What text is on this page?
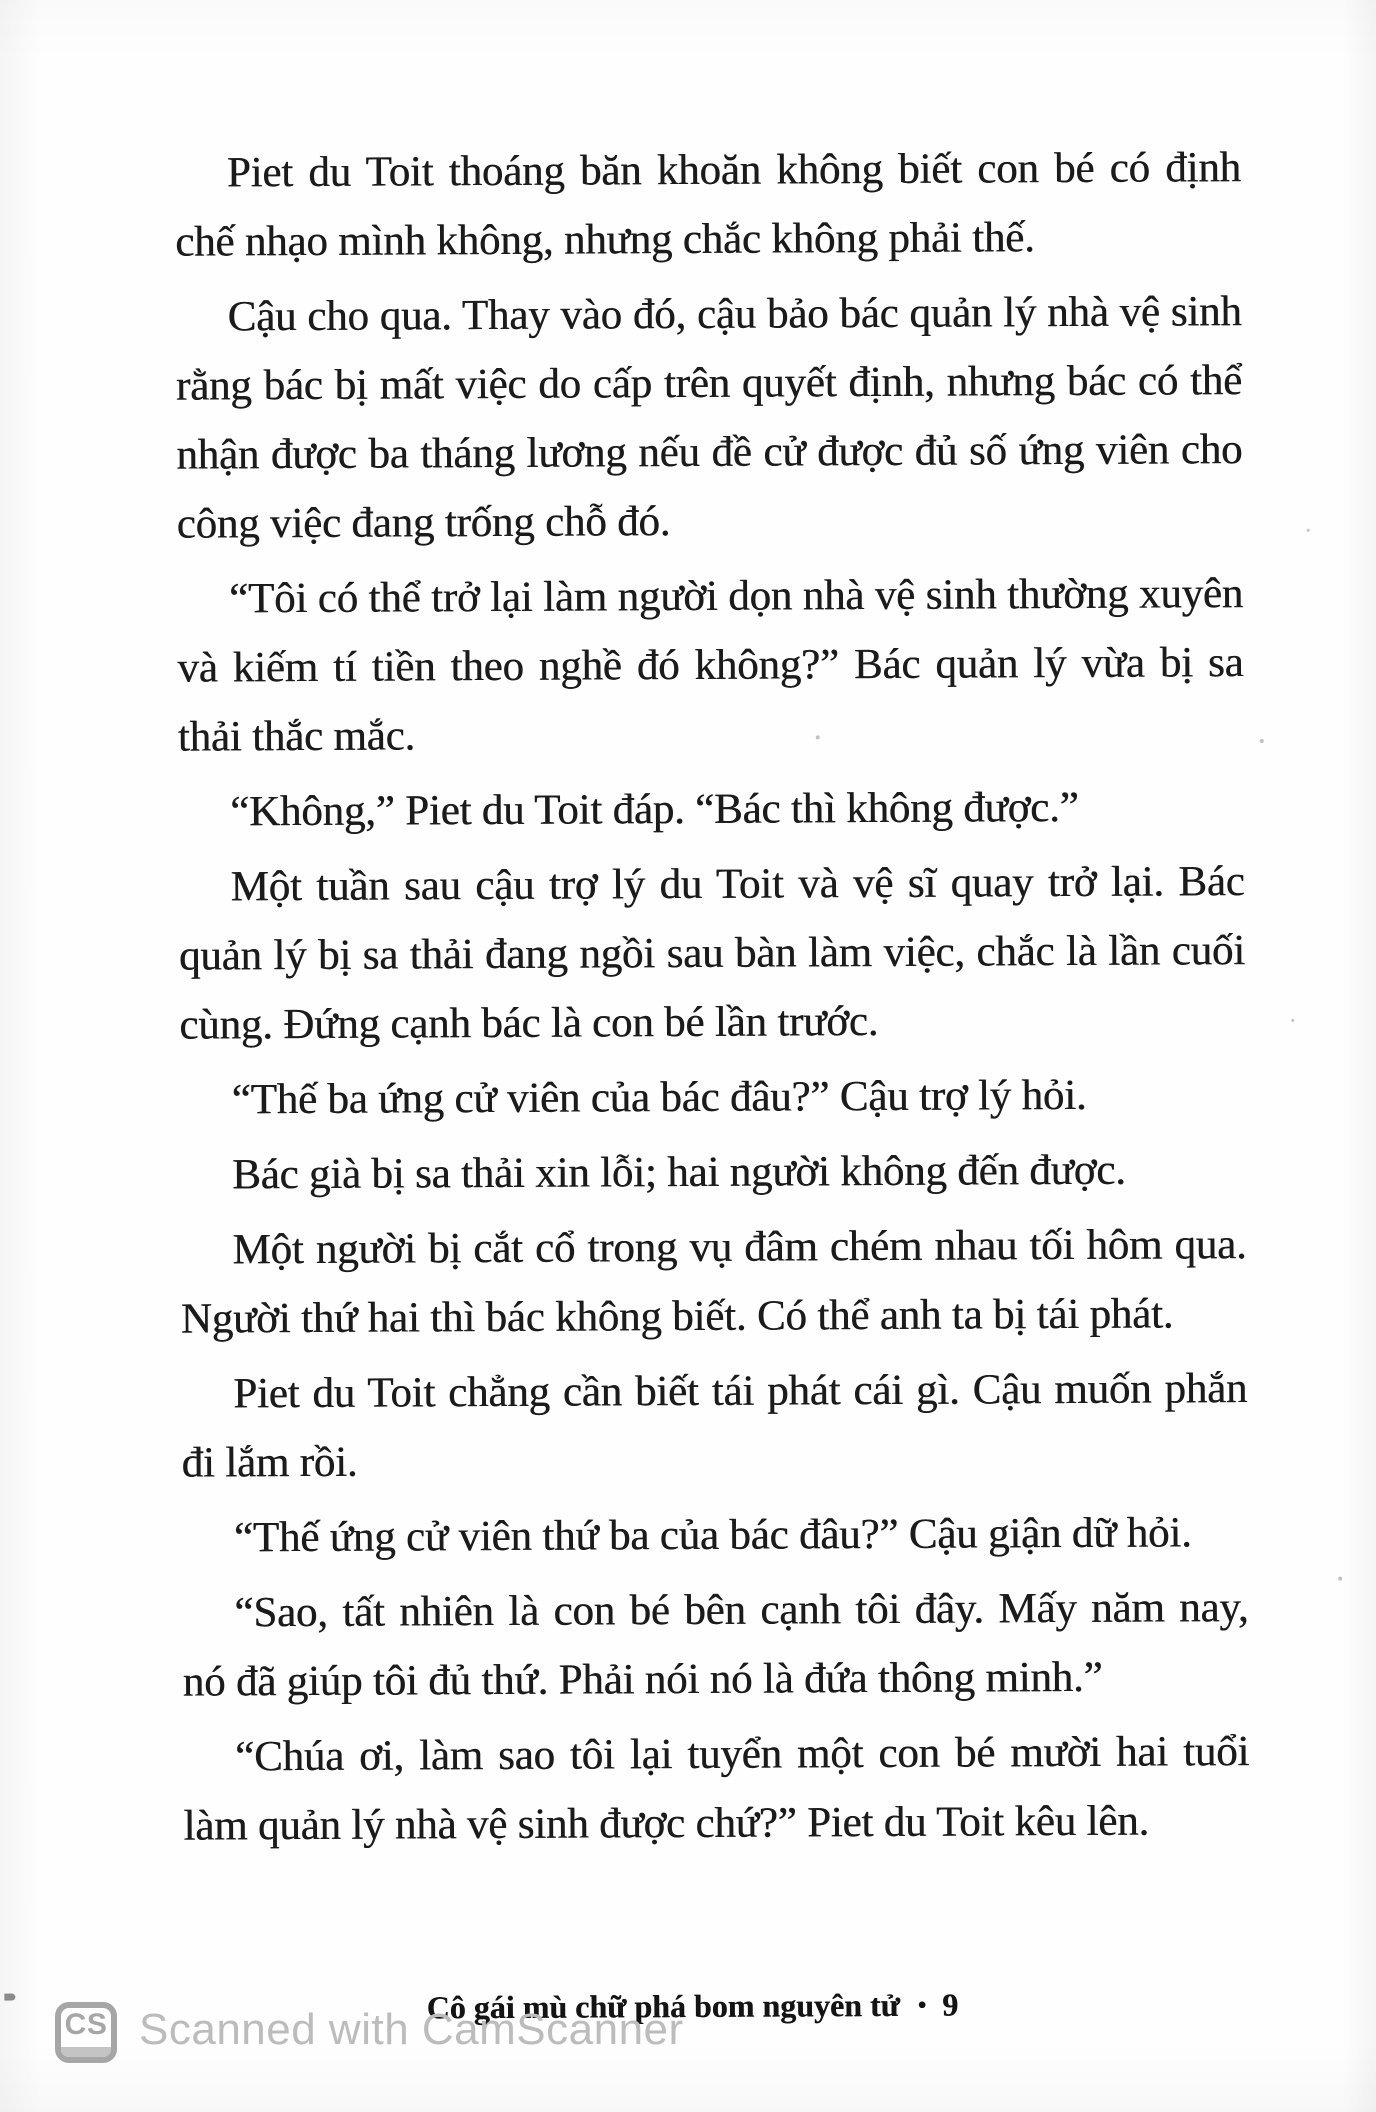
Piet du Toit thoáng băn khoăn không biết con bé có định chế nhạo mình không, nhưng chắc không phải thế.

Cậu cho qua. Thay vào đó, cậu bảo bác quản lý nhà vệ sinh rằng bác bị mất việc do cấp trên quyết định, nhưng bác có thể nhận được ba tháng lương nếu đề cử được đủ số ứng viên cho công việc đang trống chỗ đó.

“Tôi có thể trở lại làm người dọn nhà vệ sinh thường xuyên và kiếm tí tiền theo nghề đó không?” Bác quản lý vừa bị sa thải thắc mắc.

“Không,” Piet du Toit đáp. “Bác thì không được.”

Một tuần sau cậu trợ lý du Toit và vệ sĩ quay trở lại. Bác quản lý bị sa thải đang ngồi sau bàn làm việc, chắc là lần cuối cùng. Đứng cạnh bác là con bé lần trước.

“Thế ba ứng cử viên của bác đâu?” Cậu trợ lý hỏi.

Bác già bị sa thải xin lỗi; hai người không đến được.

Một người bị cắt cổ trong vụ đâm chém nhau tối hôm qua. Người thứ hai thì bác không biết. Có thể anh ta bị tái phát.

Piet du Toit chẳng cần biết tái phát cái gì. Cậu muốn phắn đi lắm rồi.

“Thế ứng cử viên thứ ba của bác đâu?” Cậu giận dữ hỏi.

“Sao, tất nhiên là con bé bên cạnh tôi đây. Mấy năm nay, nó đã giúp tôi đủ thứ. Phải nói nó là đứa thông minh.”

“Chúa ơi, làm sao tôi lại tuyển một con bé mười hai tuổi làm quản lý nhà vệ sinh được chứ?” Piet du Toit kêu lên.

Cô gái mù chữ phá bom nguyên tử • 9
CS Scanned with CamScanner
